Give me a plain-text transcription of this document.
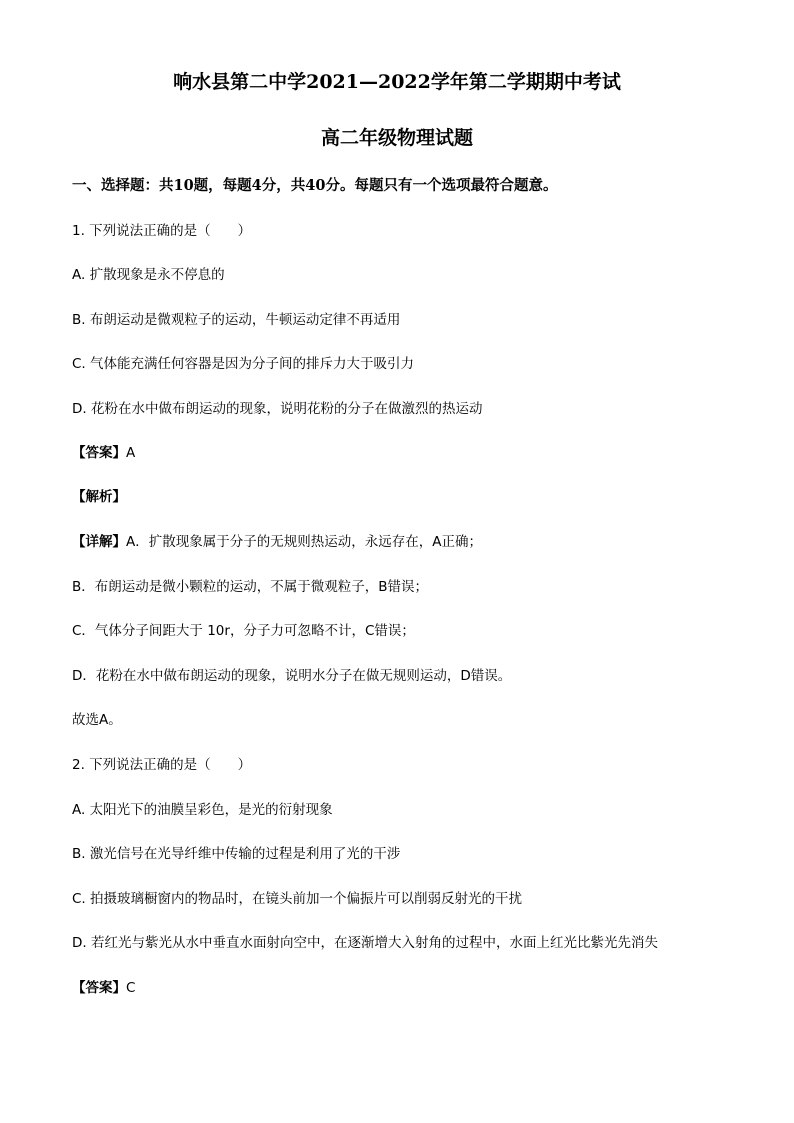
响水县第二中学2021—2022学年第二学期期中考试
高二年级物理试题
一、选择题：共10题，每题4分，共40分。每题只有一个选项最符合题意。
1. 下列说法正确的是（　　）
A. 扩散现象是永不停息的
B. 布朗运动是微观粒子的运动，牛顿运动定律不再适用
C. 气体能充满任何容器是因为分子间的排斥力大于吸引力
D. 花粉在水中做布朗运动的现象，说明花粉的分子在做激烈的热运动
【答案】A
【解析】
【详解】A．扩散现象属于分子的无规则热运动，永远存在，A正确；
B．布朗运动是微小颗粒的运动，不属于微观粒子，B错误；
C．气体分子间距大于 10r，分子力可忽略不计，C错误；
D．花粉在水中做布朗运动的现象，说明水分子在做无规则运动，D错误。
故选A。
2. 下列说法正确的是（　　）
A. 太阳光下的油膜呈彩色，是光的衍射现象
B. 激光信号在光导纤维中传输的过程是利用了光的干涉
C. 拍摄玻璃橱窗内的物品时，在镜头前加一个偏振片可以削弱反射光的干扰
D. 若红光与紫光从水中垂直水面射向空中，在逐渐增大入射角的过程中，水面上红光比紫光先消失
【答案】C
